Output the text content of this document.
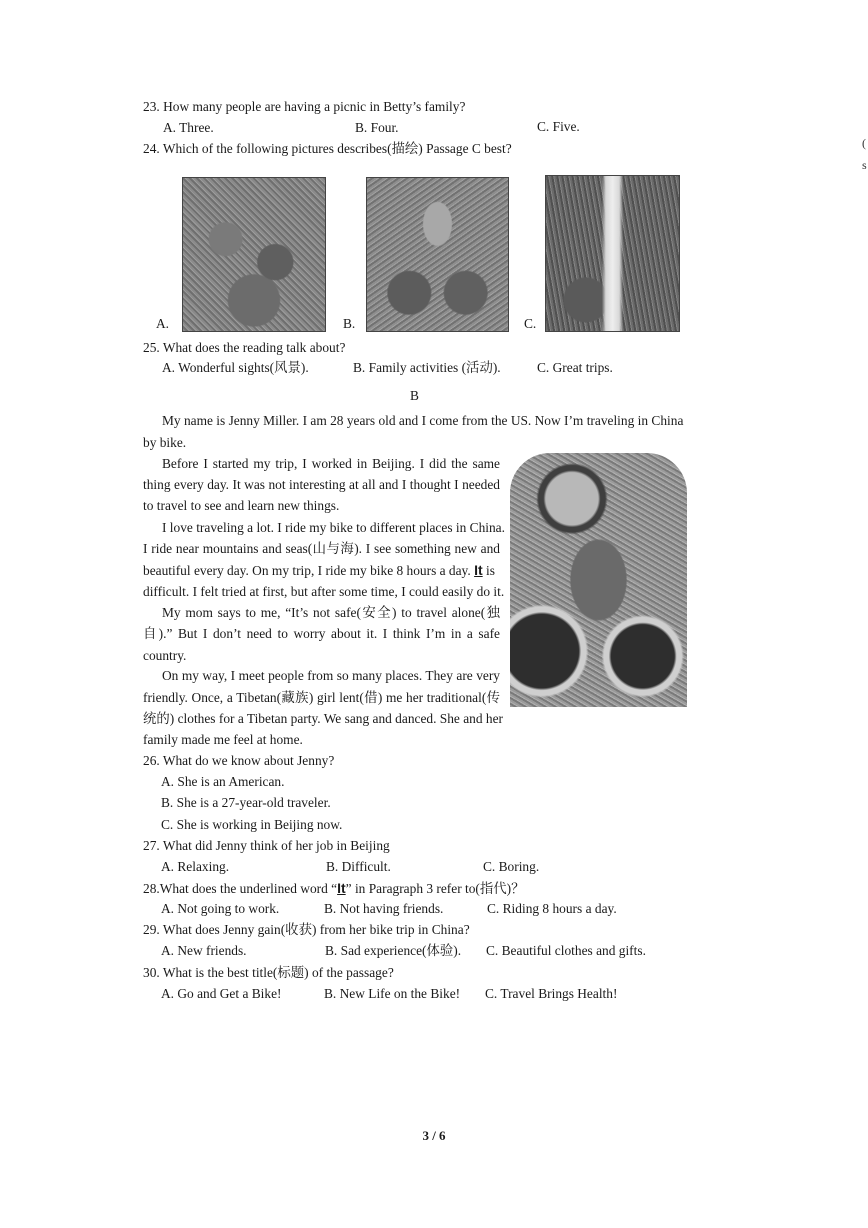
23. How many people are having a picnic in Betty’s family?
A. Three.	B. Four.	C. Five.
24. Which of the following pictures describes(描绘) Passage C best?
A.	B.	C.
25. What does the reading talk about?
A. Wonderful sights(风景).	B. Family activities (活动).	C. Great trips.
B
My name is Jenny Miller. I am 28 years old and I come from the US. Now I’m traveling in China
by bike.
Before I started my trip, I worked in Beijing. I did the same
thing every day. It was not interesting at all and I thought I needed
to travel to see and learn new things.
I love traveling a lot. I ride my bike to different places in China.
I ride near mountains and seas(山与海). I see something new and
beautiful every day. On my trip, I ride my bike 8 hours a day. It is
difficult. I felt tried at first, but after some time, I could easily do it.
My mom says to me, “It’s not safe(安全) to travel alone(独
自).” But I don’t need to worry about it. I think I’m in a safe
country.
On my way, I meet people from so many places. They are very
friendly. Once, a Tibetan(藏族) girl lent(借) me her traditional(传
统的) clothes for a Tibetan party. We sang and danced. She and her
family made me feel at home.
26. What do we know about Jenny?
A. She is an American.
B. She is a 27-year-old traveler.
C. She is working in Beijing now.
27. What did Jenny think of her job in Beijing
A. Relaxing.	B. Difficult.	C. Boring.
28.What does the underlined word “It” in Paragraph 3 refer to(指代)？
A. Not going to work.	B. Not having friends.	C. Riding 8 hours a day.
29. What does Jenny gain(收获) from her bike trip in China?
A. New friends.	B. Sad experience(体验). C. Beautiful clothes and gifts.
30. What is the best title(标题) of the passage?
A. Go and Get a Bike!	B. New Life on the Bike! C. Travel Brings Health!
3 / 6
(
s
